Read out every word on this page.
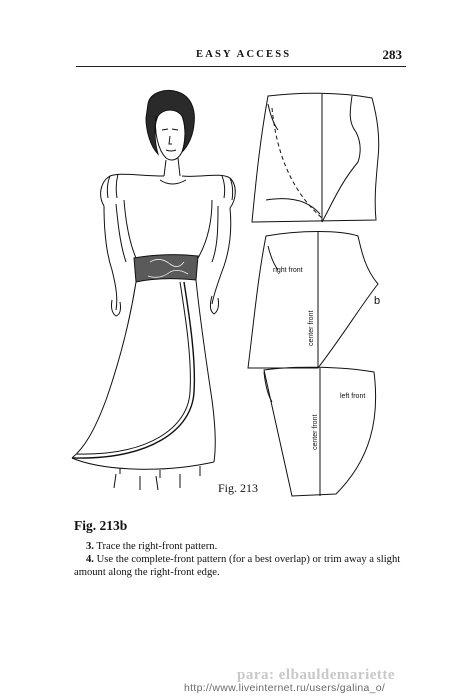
EASY ACCESS	283
right front
center front
b
left front
center front
Fig. 213
Fig. 213b
3. Trace the right-front pattern.
4. Use the complete-front pattern (for a best overlap) or trim away a slight amount along the right-front edge.
para: elbauldemariette
http://www.liveinternet.ru/users/galina_o/
